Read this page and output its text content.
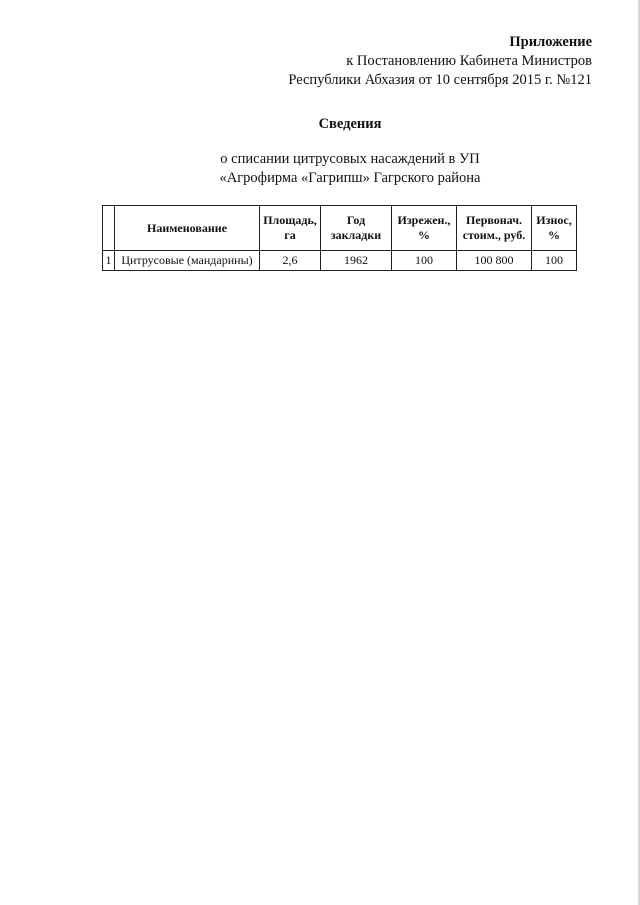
Приложение
к Постановлению Кабинета Министров
Республики Абхазия от 10 сентября 2015 г. №121
Сведения
о списании цитрусовых насаждений в УП
«Агрофирма «Гагрипш» Гагрского района
	Наименование	Площадь, га	Год закладки	Изрежен., %	Первонач. стоим., руб.	Износ, %
1	Цитрусовые (мандарины)	2,6	1962	100	100 800	100
